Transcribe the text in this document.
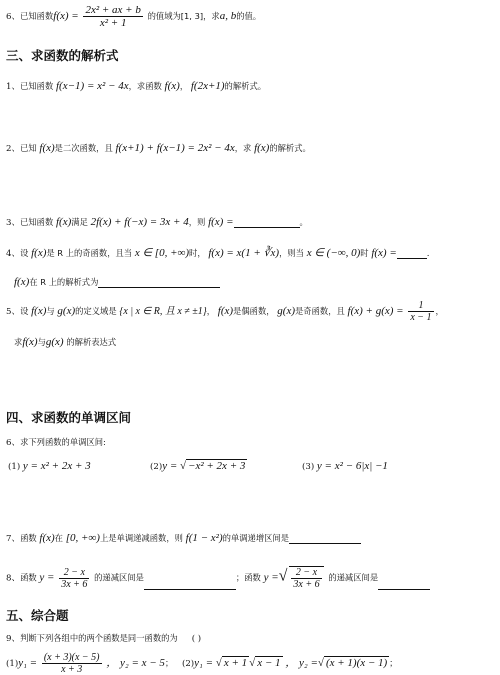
6、已知函数$f(x) = \frac{\text{2x² + ax + b}}{\text{x² + 1}}$ 的值域为[1, 3]，求a, b的值。
三、求函数的解析式
1、已知函数 f(x−1) = x² − 4x，求函数 f(x)， f(2x+1)的解析式。
2、已知 f(x)是二次函数，且 f(x+1) + f(x−1) = 2x² − 4x，求 f(x)的解析式。
3、已知函数 f(x)满足 2f(x) + f(−x) = 3x + 4，则 f(x) =	。
4、设 f(x)是 R 上的奇函数，且当 x ∈ [0, +∞)时， f(x) = x(1 + ∛x)，则当 x ∈ (−∞, 0)时 f(x) =	.
f(x)在 R 上的解析式为
5、设 f(x)与 g(x)的定义域是 {x | x ∈ R, 且 x ≠ ±1}， f(x)是偶函数， g(x)是奇函数，且 $f(x) + g(x) = \frac{1}{x - 1}$ ，
求f(x)与g(x) 的解析表达式
四、求函数的单调区间
6、求下列函数的单调区间:
(1) y = x² + 2x + 3	(2)y = √ −x² + 2x + 3	(3) y = x² − 6|x| −1
7、函数 f(x)在 [0, +∞)上是单调递减函数，则 f(1 − x²)的单调递增区间是
8、函数 $y = \frac{2 - x}{3x + 6}$ 的递减区间是	；函数 y =√ $\frac{2 - x}{3x + 6}$ 的递减区间是
五、综合题
9、判断下列各组中的两个函数是同一函数的为 ( )
$(1)y_1 = \frac{(x + 3)(x - 5)}{x + 3}$ ， y₂ = x − 5； (2)y₁ = √ x + 1 √ x − 1 ， y₂ =√ (x + 1)(x − 1) ；
